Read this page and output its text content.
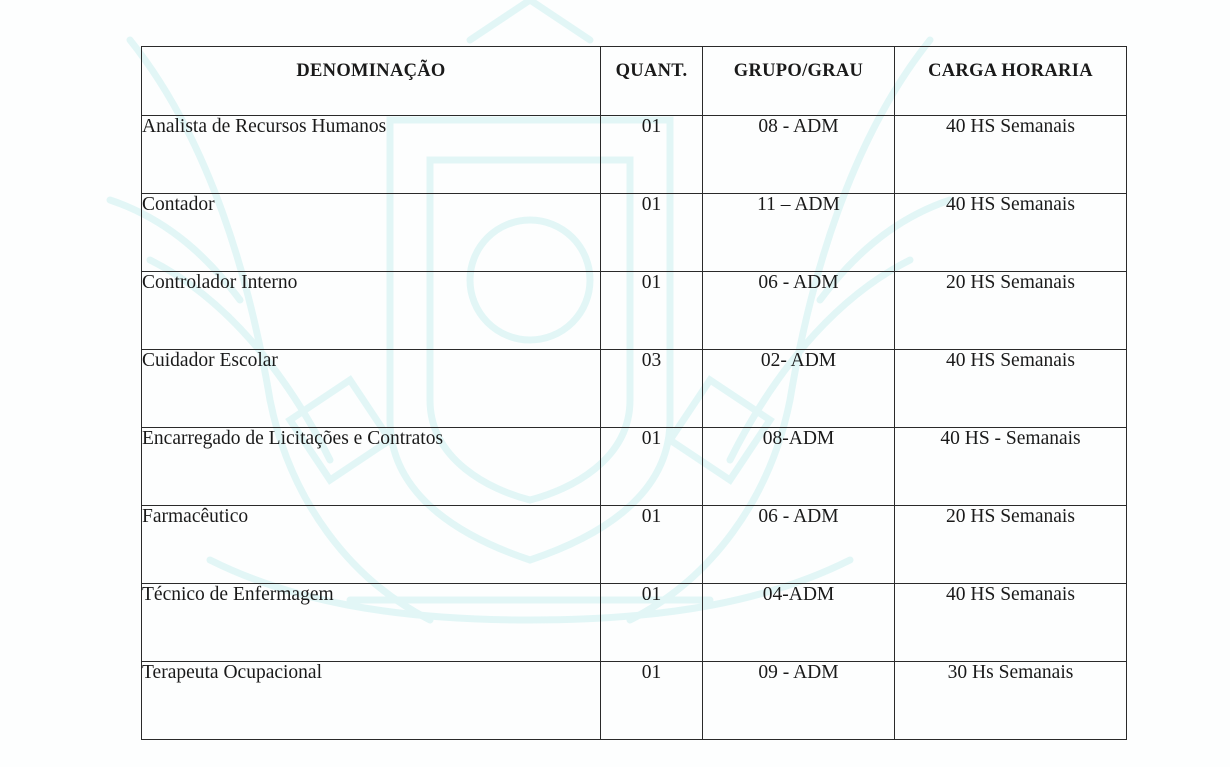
DENOMINAÇÃO	QUANT.	GRUPO/GRAU	CARGA HORARIA
Analista de Recursos Humanos	01	08 - ADM	40 HS Semanais
Contador	01	11 – ADM	40 HS Semanais
Controlador Interno	01	06 - ADM	20 HS Semanais
Cuidador Escolar	03	02- ADM	40 HS Semanais
Encarregado de Licitações e Contratos	01	08-ADM	40 HS - Semanais
Farmacêutico	01	06 - ADM	20 HS Semanais
Técnico de Enfermagem	01	04-ADM	40 HS Semanais
Terapeuta Ocupacional	01	09 - ADM	30 Hs Semanais
